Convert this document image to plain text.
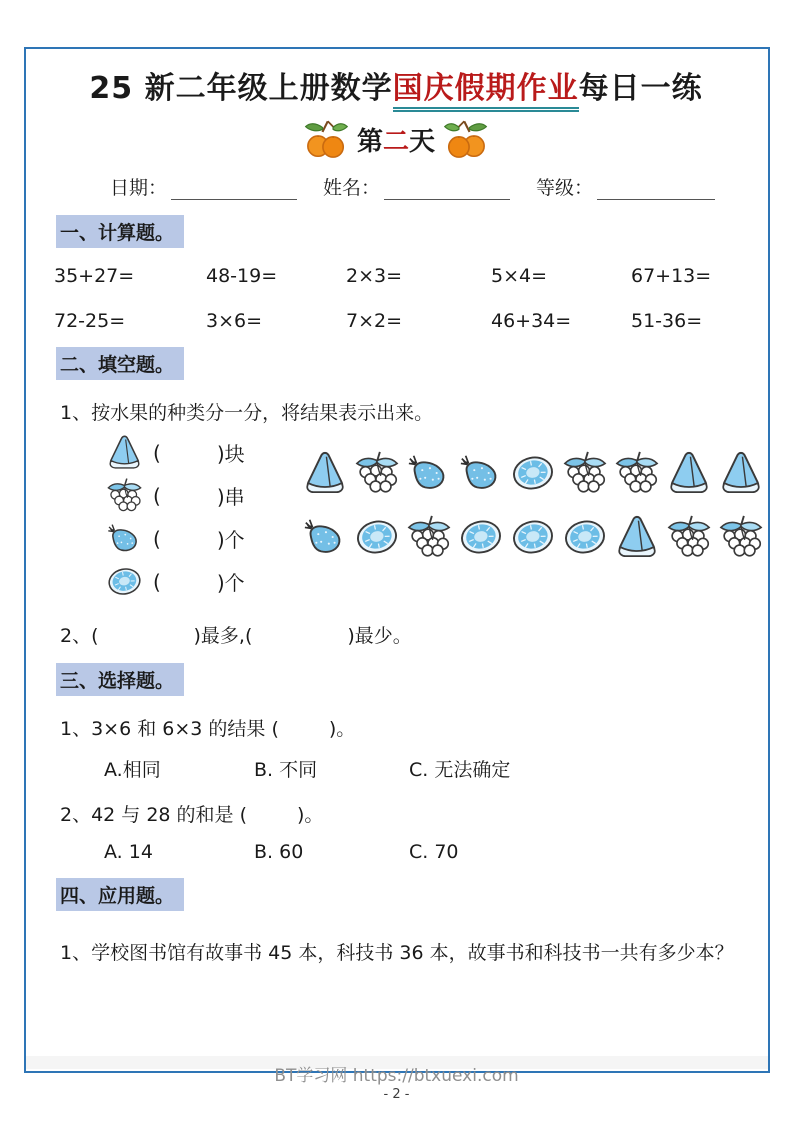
25 新二年级上册数学国庆假期作业每日一练
第二天
日期：	姓名：	等级：
一、计算题。
35+27=	48-19=	2×3=	5×4=	67+13=
72-25=	3×6=	7×2=	46+34=	51-36=
二、填空题。
1、按水果的种类分一分，将结果表示出来。
(	)块
(	)串
(	)个
(	)个
2、(	)最多,(	)最少。
三、选择题。
1、3×6 和 6×3 的结果 (	)。
A.相同	B. 不同	C. 无法确定
2、42 与 28 的和是 (	)。
A. 14	B. 60	C. 70
四、应用题。
1、学校图书馆有故事书 45 本，科技书 36 本，故事书和科技书一共有多少本？
BT学习网 https://btxuexi.com
- 2 -
